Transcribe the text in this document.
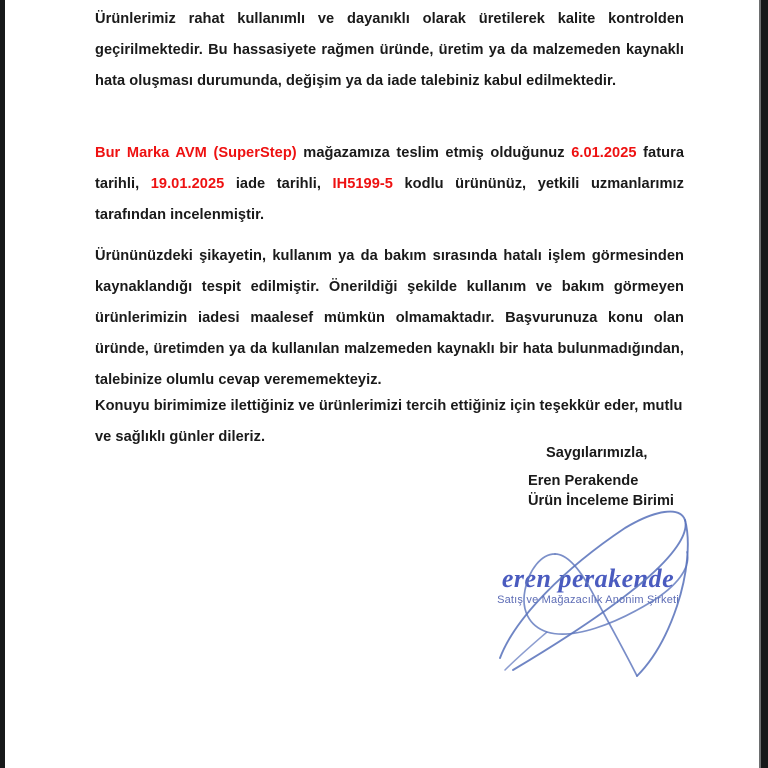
Ürünlerimiz rahat kullanımlı ve dayanıklı olarak üretilerek kalite kontrolden geçirilmektedir. Bu hassasiyete rağmen üründe, üretim ya da malzemeden kaynaklı hata oluşması durumunda, değişim ya da iade talebiniz kabul edilmektedir.

Bur Marka AVM (SuperStep) mağazamıza teslim etmiş olduğunuz 6.01.2025 fatura tarihli, 19.01.2025 iade tarihli, IH5199-5 kodlu ürününüz, yetkili uzmanlarımız tarafından incelenmiştir.

Ürününüzdeki şikayetin, kullanım ya da bakım sırasında hatalı işlem görmesinden kaynaklandığı tespit edilmiştir. Önerildiği şekilde kullanım ve bakım görmeyen ürünlerimizin iadesi maalesef mümkün olmamaktadır. Başvurunuza konu olan üründe, üretimden ya da kullanılan malzemeden kaynaklı bir hata bulunmadığından, talebinize olumlu cevap verememekteyiz.

Konuyu birimimize ilettiğiniz ve ürünlerimizi tercih ettiğiniz için teşekkür eder, mutlu ve sağlıklı günler dileriz.

Saygılarımızla,

Eren Perakende

Ürün İnceleme Birimi

eren perakende

Satış ve Mağazacılık Anonim Şirketi
